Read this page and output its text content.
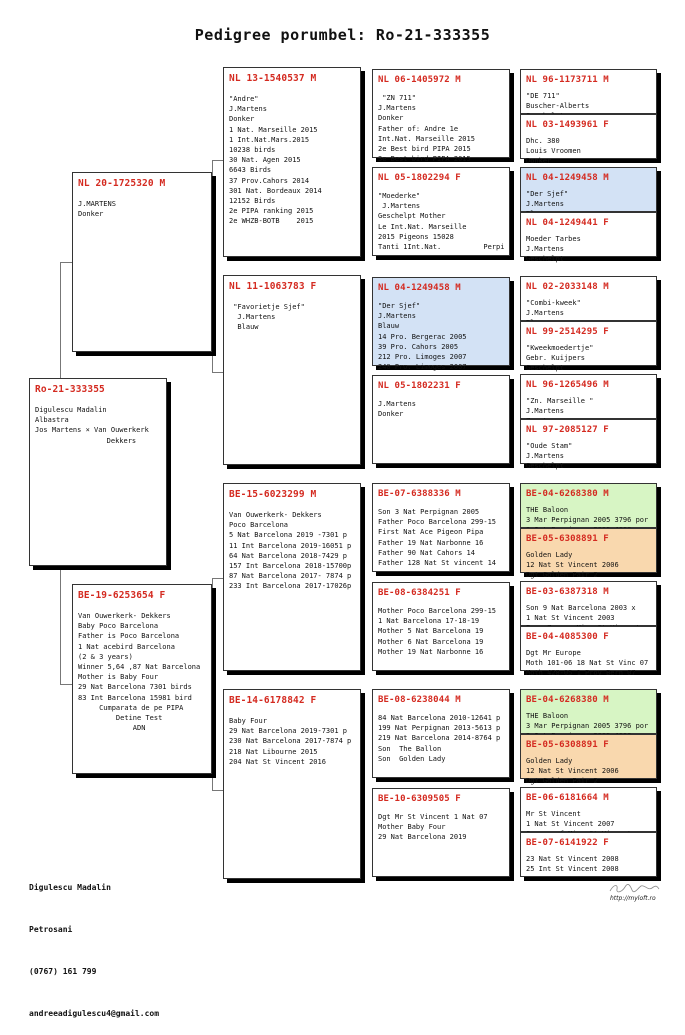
Pedigree porumbel: Ro-21-333355
Ro-21-333355
Digulescu Madalin
Albastra
Jos Martens × Van Ouwerkerk
Dekkers
NL 20-1725320 M
J.MARTENS
Donker
BE-19-6253654 F
Van Ouwerkerk- Dekkers
Baby Poco Barcelona
Father is Poco Barcelona
1 Nat acebird Barcelona
(2 & 3 years)
Winner 5,64 ,87 Nat Barcelona
Mother is Baby Four
29 Nat Barcelona 7301 birds
83 Int Barcelona 15981 bird
Cumparata de pe PIPA
Detine Test
ADN
NL 13-1540537 M
"Andre"
J.Martens
Donker
1 Nat. Marseille 2015
1 Int.Nat.Mars.2015
10238 birds
30 Nat. Agen 2015
6643 Birds
37 Prov.Cahors 2014
301 Nat. Bordeaux 2014
12152 Birds
2e PIPA ranking 2015
2e WHZB-BOTB    2015
NL 11-1063783 F
"Favorietje Sjef"
J.Martens
Blauw
BE-15-6023299 M
Van Ouwerkerk- Dekkers
Poco Barcelona
5 Nat Barcelona 2019 -7301 p
11 Int Barcelona 2019-16051 p
64 Nat Barcelona 2018-7429 p
157 Int Barcelona 2018-15700p
87 Nat Barcelona 2017- 7874 p
233 Int Barcelona 2017-17026p
BE-14-6178842 F
Baby Four
29 Nat Barcelona 2019-7301 p
230 Nat Barcelona 2017-7874 p
218 Nat Libourne 2015
204 Nat St Vincent 2016
NL 06-1405972 M
"ZN 711"
J.Martens
Donker
Father of: Andre 1e
Int.Nat. Marseille 2015
2e Best bird PIPA 2015
3e Best bird PIPA 2015
NL 05-1802294 F
"Moederke"
J.Martens
Geschelpt Mother
Le Int.Nat. Marseille
2015 Pigeons 15028
Tanti 1Int.Nat.          Perpi
NL 04-1249458 M
"Der Sjef"
J.Martens
Blauw
14 Pro. Bergerac 2005
39 Pro. Cahors 2005
212 Pro. Limoges 2007
240 Pro. Limoges 2007
NL 05-1802231 F
J.Martens
Donker
BE-07-6388336 M
Son 3 Nat Perpignan 2005
Father Poco Barcelona 299-15
First Nat Ace Pigeon Pipa
Father 19 Nat Narbonne 16
Father 90 Nat Cahors 14
Father 128 Nat St vincent 14
BE-08-6384251 F
Mother Poco Barcelona 299-15
1 Nat Barcelona 17-18-19
Mother 5 Nat Barcelona 19
Mother 6 Nat Barcelona 19
Mother 19 Nat Narbonne 16
BE-08-6238044 M
84 Nat Barcelona 2010-12641 p
199 Nat Perpignan 2013-5613 p
219 Nat Barcelona 2014-8764 p
Son  The Ballon
Son  Golden Lady
BE-10-6309505 F
Dgt Mr St Vincent 1 Nat 07
Mother Baby Four
29 Nat Barcelona 2019
NL 96-1173711 M
"DE 711"
Buscher-Alberts
NL 03-1493961 F
Dhc. 380
Louis Vroomen
Donker
NL 04-1249458 M
"Der Sjef"
J.Martens
NL 04-1249441 F
Moeder Tarbes
J.Martens
Geschelpt
NL 02-2033148 M
"Combi-kweek"
J.Martens
NL 99-2514295 F
"Kweekmoedertje"
Gebr. Kuijpers
Geschelpt
NL 96-1265496 M
"Zn. Marseille "
J.Martens
NL 97-2085127 F
"Oude Stam"
J.Martens
Geschelpt
BE-04-6268380 M
THE Baloon
3 Mar Perpignan 2005 3796 por
BE-05-6308891 F
Golden Lady
12 Nat St Vincent 2006
Dgt Golden Pair 2
BE-03-6387318 M
Son 9 Nat Barcelona 2003 x
1 Nat St Vincent 2003
BE-04-4085300 F
Dgt Mr Europe
Moth 101-06 18 Nat St Vinc 07
Moth 428-05 1 Prov Bern 07
BE-04-6268380 M
THE Baloon
3 Mar Perpignan 2005 3796 por
BE-05-6308891 F
Golden Lady
12 Nat St Vincent 2006
Dgt Golden Pair 2
BE-06-6181664 M
Mr St Vincent
1 Nat St Vincent 2007
BE-07-6141922 F
23 Nat St Vincent 2008
25 Int St Vincent 2008

Digulescu Madalin

Petrosani

(0767) 161 799

andreeadigulescu4@gmail.com

http://myloft.ro
